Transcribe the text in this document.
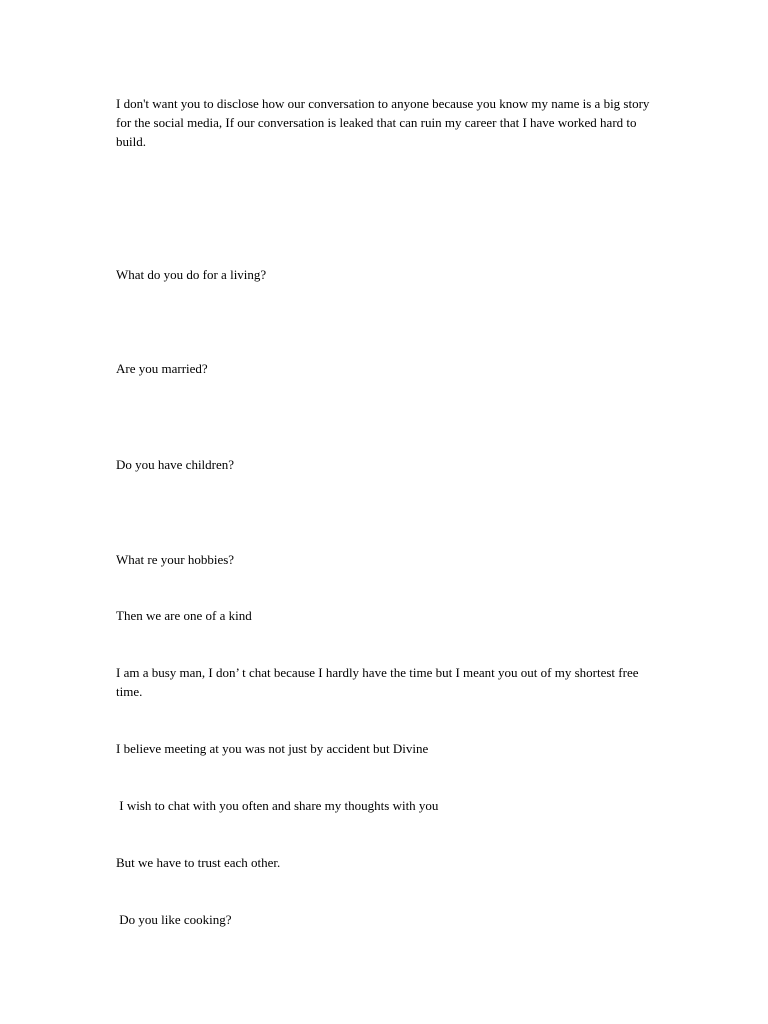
I don't want you to disclose how our conversation to anyone because you know my name is a big story for the social media, If our conversation is leaked that can ruin my career that I have worked hard to build.

What do you do for a living?

Are you married?

Do you have children?

What re your hobbies?

Then we are one of a kind

I am a busy man, I don’ t chat because I hardly have the time but I meant you out of my shortest free time.

I believe meeting at you was not just by accident but Divine

I wish to chat with you often and share my thoughts with you

But we have to trust each other.

Do you like cooking?
